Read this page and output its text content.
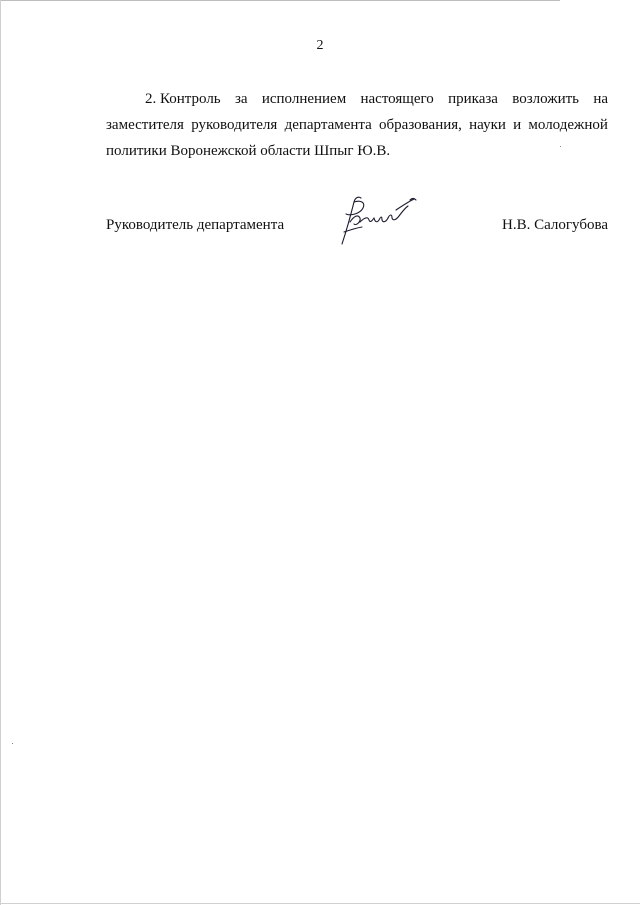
2
2. Контроль за исполнением настоящего приказа возложить на
заместителя руководителя департамента образования, науки и молодежной
политики Воронежской области Шпыг Ю.В.
Руководитель департамента	Н.В. Салогубова
